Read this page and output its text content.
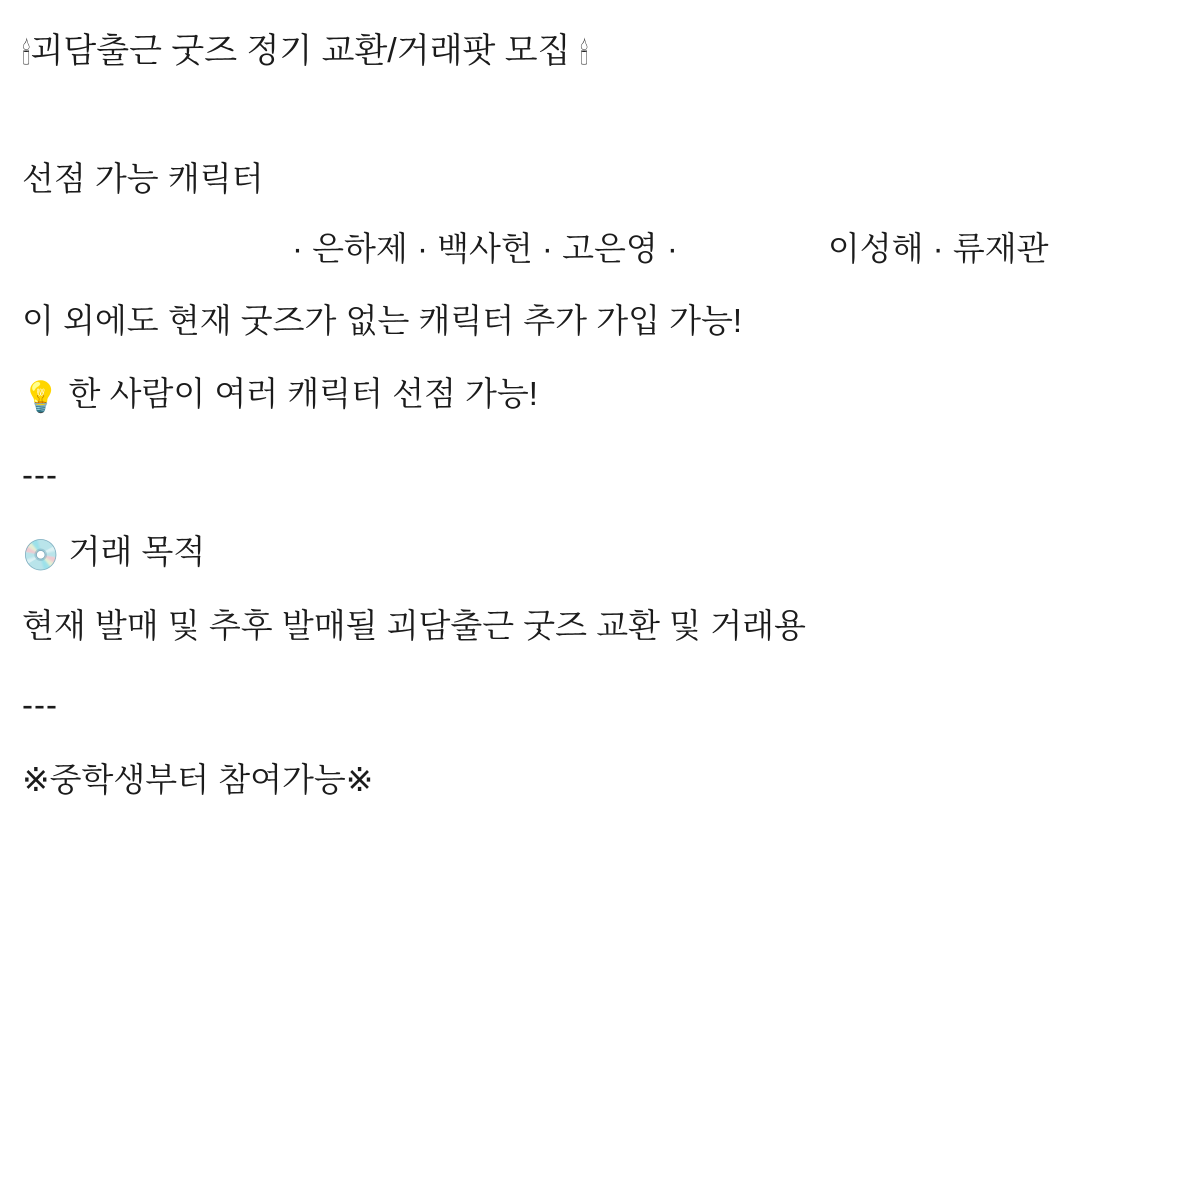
🕯괴담출근 굿즈 정기 교환/거래팟 모집 🕯
선점 가능 캐릭터
· 은하제 · 백사헌 · 고은영 ·	이성해 · 류재관
이 외에도 현재 굿즈가 없는 캐릭터 추가 가입 가능!
💡 한 사람이 여러 캐릭터 선점 가능!
---
💿 거래 목적
현재 발매 및 추후 발매될 괴담출근 굿즈 교환 및 거래용
---
※중학생부터 참여가능※
